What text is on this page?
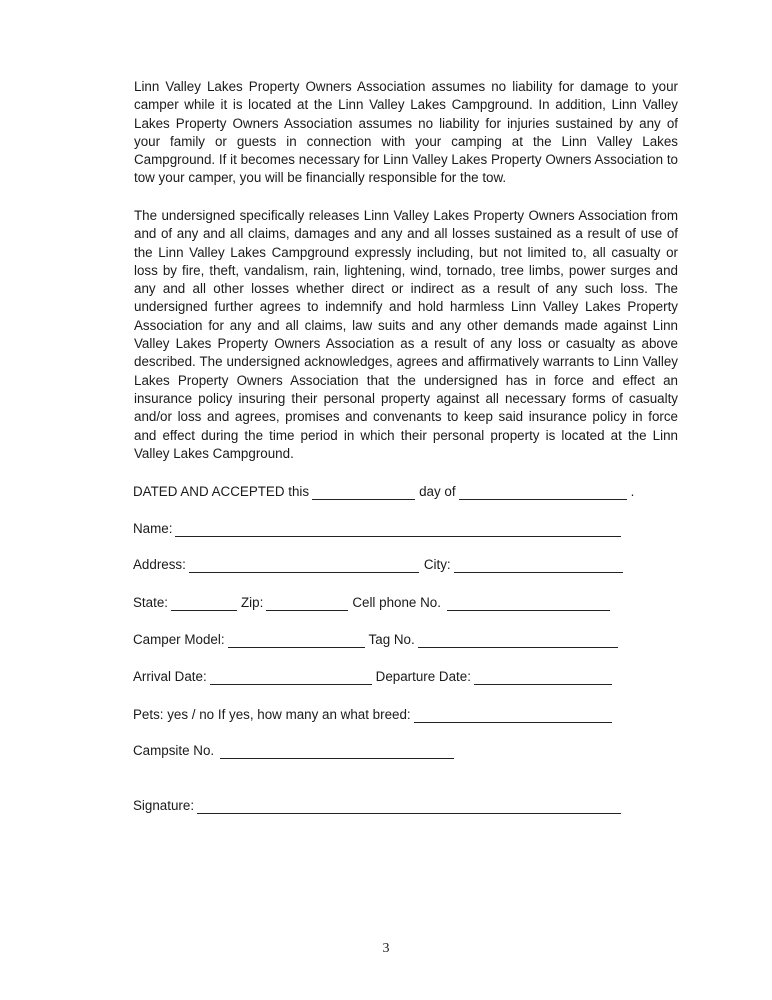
Linn Valley Lakes Property Owners Association assumes no liability for damage to your camper while it is located at the Linn Valley Lakes Campground. In addition, Linn Valley Lakes Property Owners Association assumes no liability for injuries sustained by any of your family or guests in connection with your camping at the Linn Valley Lakes Campground. If it becomes necessary for Linn Valley Lakes Property Owners Association to tow your camper, you will be financially responsible for the tow.

The undersigned specifically releases Linn Valley Lakes Property Owners Association from and of any and all claims, damages and any and all losses sustained as a result of use of the Linn Valley Lakes Campground expressly including, but not limited to, all casualty or loss by fire, theft, vandalism, rain, lightening, wind, tornado, tree limbs, power surges and any and all other losses whether direct or indirect as a result of any such loss. The undersigned further agrees to indemnify and hold harmless Linn Valley Lakes Property Association for any and all claims, law suits and any other demands made against Linn Valley Lakes Property Owners Association as a result of any loss or casualty as above described. The undersigned acknowledges, agrees and affirmatively warrants to Linn Valley Lakes Property Owners Association that the undersigned has in force and effect an insurance policy insuring their personal property against all necessary forms of casualty and/or loss and agrees, promises and convenants to keep said insurance policy in force and effect during the time period in which their personal property is located at the Linn Valley Lakes Campground.

DATED AND ACCEPTED this	day of	.
Name:
Address:	City:
State:	Zip:	Cell phone No.
Camper Model:	Tag No.
Arrival Date:	Departure Date:
Pets: yes / no If yes, how many an what breed:
Campsite No.
Signature:
3
